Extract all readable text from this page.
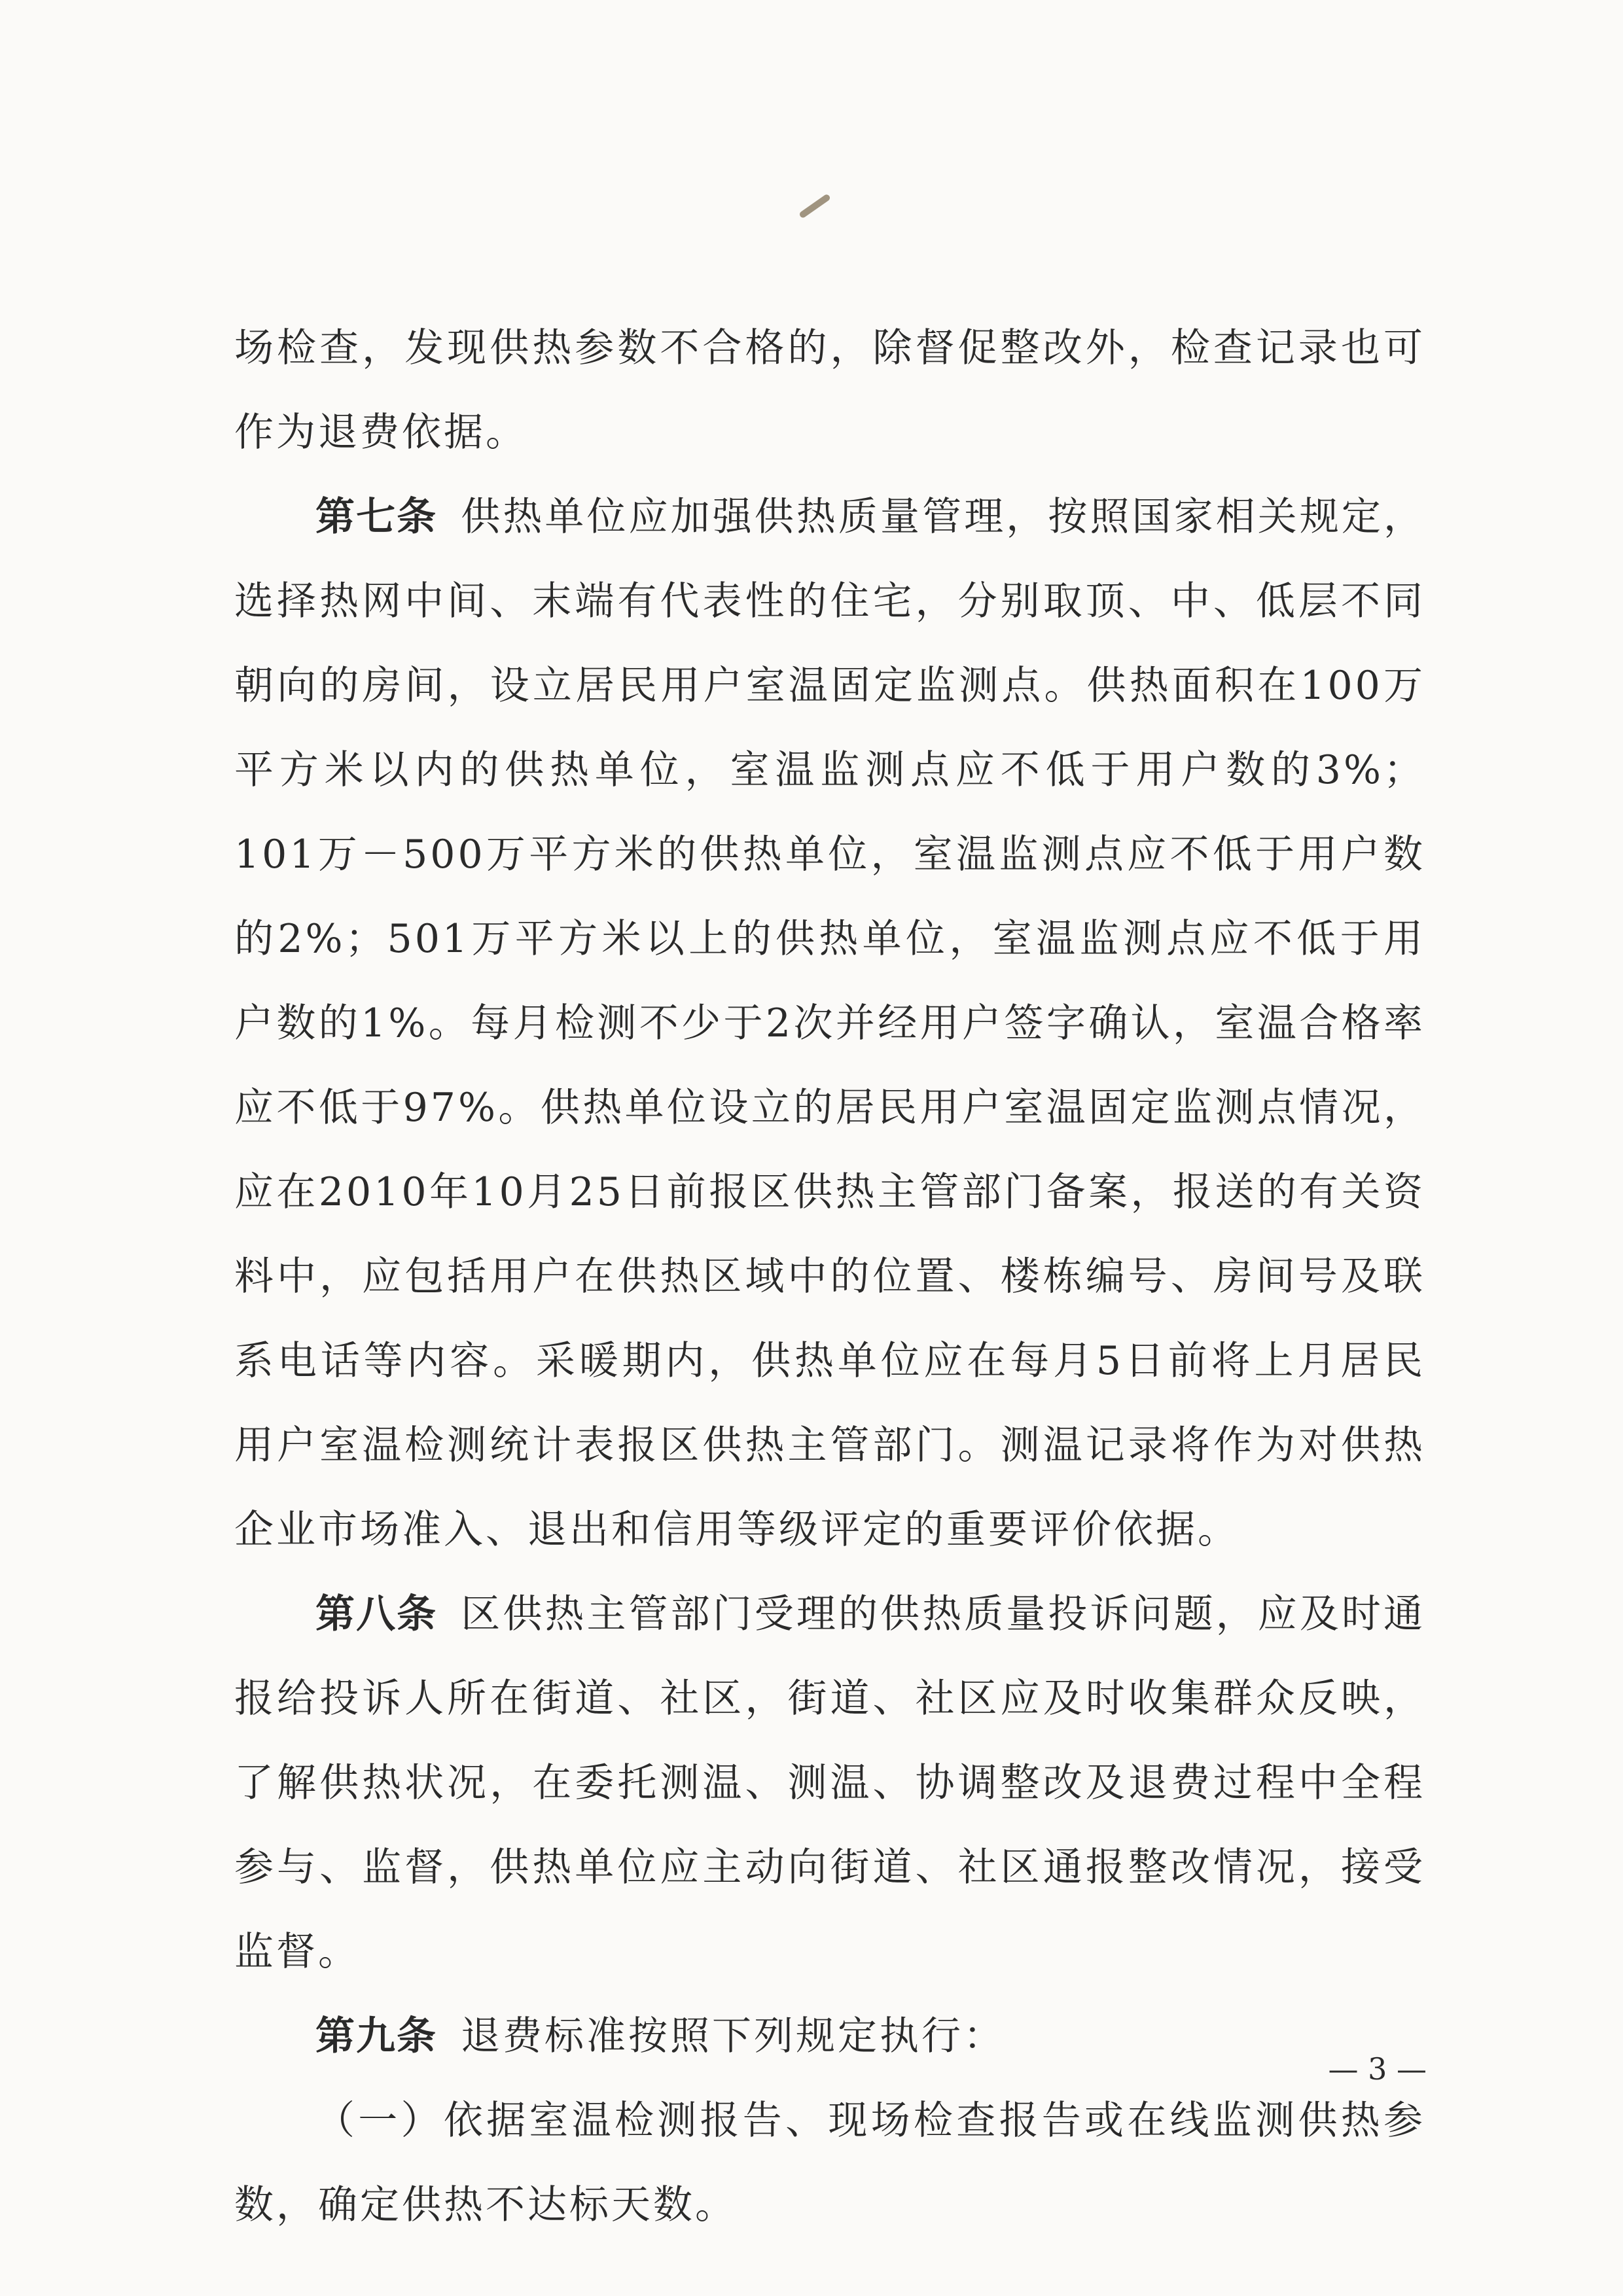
场检查，发现供热参数不合格的，除督促整改外，检查记录也可作为退费依据。

第七条 供热单位应加强供热质量管理，按照国家相关规定，选择热网中间、末端有代表性的住宅，分别取顶、中、低层不同朝向的房间，设立居民用户室温固定监测点。供热面积在100万平方米以内的供热单位，室温监测点应不低于用户数的3%；101万－500万平方米的供热单位，室温监测点应不低于用户数的2%；501万平方米以上的供热单位，室温监测点应不低于用户数的1%。每月检测不少于2次并经用户签字确认，室温合格率应不低于97%。供热单位设立的居民用户室温固定监测点情况，应在2010年10月25日前报区供热主管部门备案，报送的有关资料中，应包括用户在供热区域中的位置、楼栋编号、房间号及联系电话等内容。采暖期内，供热单位应在每月5日前将上月居民用户室温检测统计表报区供热主管部门。测温记录将作为对供热企业市场准入、退出和信用等级评定的重要评价依据。

第八条 区供热主管部门受理的供热质量投诉问题，应及时通报给投诉人所在街道、社区，街道、社区应及时收集群众反映，了解供热状况，在委托测温、测温、协调整改及退费过程中全程参与、监督，供热单位应主动向街道、社区通报整改情况，接受监督。

第九条 退费标准按照下列规定执行：

（一）依据室温检测报告、现场检查报告或在线监测供热参数，确定供热不达标天数。

— 3 —
